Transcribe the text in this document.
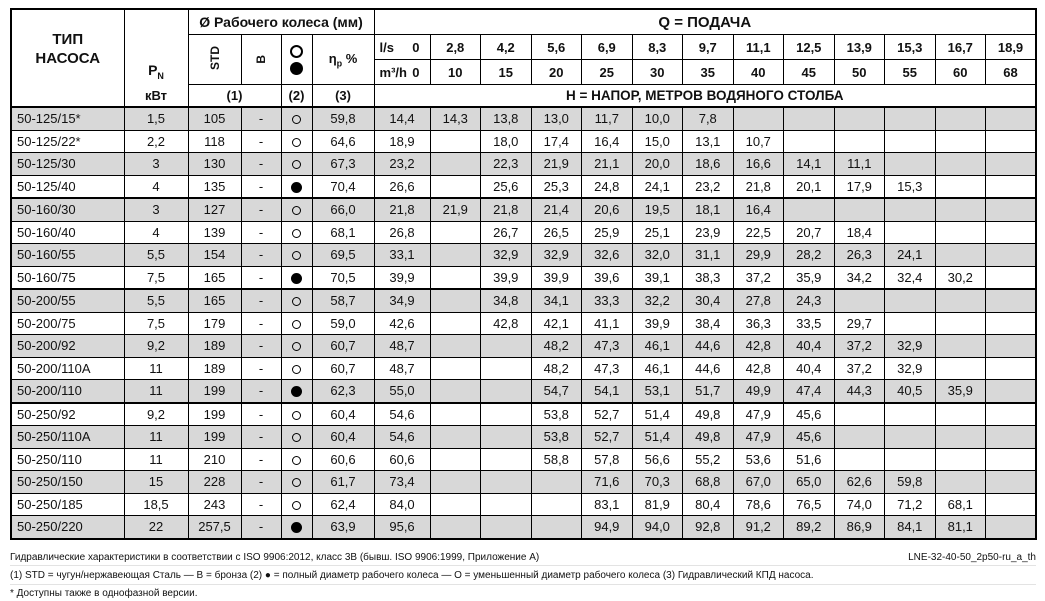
ТИП
НАСОСА	$P_N$	Ø Рабочего колеса (мм)				Q = ПОДАЧА												
		STD	B		$\eta_p$ %	l/s 0	2,8	4,2	5,6	6,9	8,3	9,7	11,1	12,5	13,9	15,3	16,7	18,9

						m³/h 0	10	15	20	25	30	35	40	45	50	55	60	68
	кВт	(1)		(2)	(3)	Н = НАПОР, МЕТРОВ ВОДЯНОГО СТОЛБА												
50-125/15*	1,5	105	-		59,8	14,4	14,3	13,8	13,0	11,7	10,0	7,8						
50-125/22*	2,2	118	-		64,6	18,9		18,0	17,4	16,4	15,0	13,1	10,7					
50-125/30	3	130	-		67,3	23,2		22,3	21,9	21,1	20,0	18,6	16,6	14,1	11,1			
50-125/40	4	135	-		70,4	26,6		25,6	25,3	24,8	24,1	23,2	21,8	20,1	17,9	15,3		
50-160/30	3	127	-		66,0	21,8	21,9	21,8	21,4	20,6	19,5	18,1	16,4					
50-160/40	4	139	-		68,1	26,8		26,7	26,5	25,9	25,1	23,9	22,5	20,7	18,4			
50-160/55	5,5	154	-		69,5	33,1		32,9	32,9	32,6	32,0	31,1	29,9	28,2	26,3	24,1		
50-160/75	7,5	165	-		70,5	39,9		39,9	39,9	39,6	39,1	38,3	37,2	35,9	34,2	32,4	30,2	
50-200/55	5,5	165	-		58,7	34,9		34,8	34,1	33,3	32,2	30,4	27,8	24,3				
50-200/75	7,5	179	-		59,0	42,6		42,8	42,1	41,1	39,9	38,4	36,3	33,5	29,7			
50-200/92	9,2	189	-		60,7	48,7			48,2	47,3	46,1	44,6	42,8	40,4	37,2	32,9		
50-200/110A	11	189	-		60,7	48,7			48,2	47,3	46,1	44,6	42,8	40,4	37,2	32,9		
50-200/110	11	199	-		62,3	55,0			54,7	54,1	53,1	51,7	49,9	47,4	44,3	40,5	35,9	
50-250/92	9,2	199	-		60,4	54,6			53,8	52,7	51,4	49,8	47,9	45,6				
50-250/110A	11	199	-		60,4	54,6			53,8	52,7	51,4	49,8	47,9	45,6				
50-250/110	11	210	-		60,6	60,6			58,8	57,8	56,6	55,2	53,6	51,6				
50-250/150	15	228	-		61,7	73,4				71,6	70,3	68,8	67,0	65,0	62,6	59,8		
50-250/185	18,5	243	-		62,4	84,0				83,1	81,9	80,4	78,6	76,5	74,0	71,2	68,1	
50-250/220	22	257,5	-		63,9	95,6				94,9	94,0	92,8	91,2	89,2	86,9	84,1	81,1	
Гидравлические характеристики в соответствии с ISO 9906:2012, класс 3B (бывш. ISO 9906:1999, Приложение A)	LNE-32-40-50_2p50-ru_a_th
(1) STD = чугун/нержавеющая Сталь — B = бронза (2) ● = полный диаметр рабочего колеса — O = уменьшенный диаметр рабочего колеса (3) Гидравлический КПД насоса.
* Доступны также в однофазной версии.
